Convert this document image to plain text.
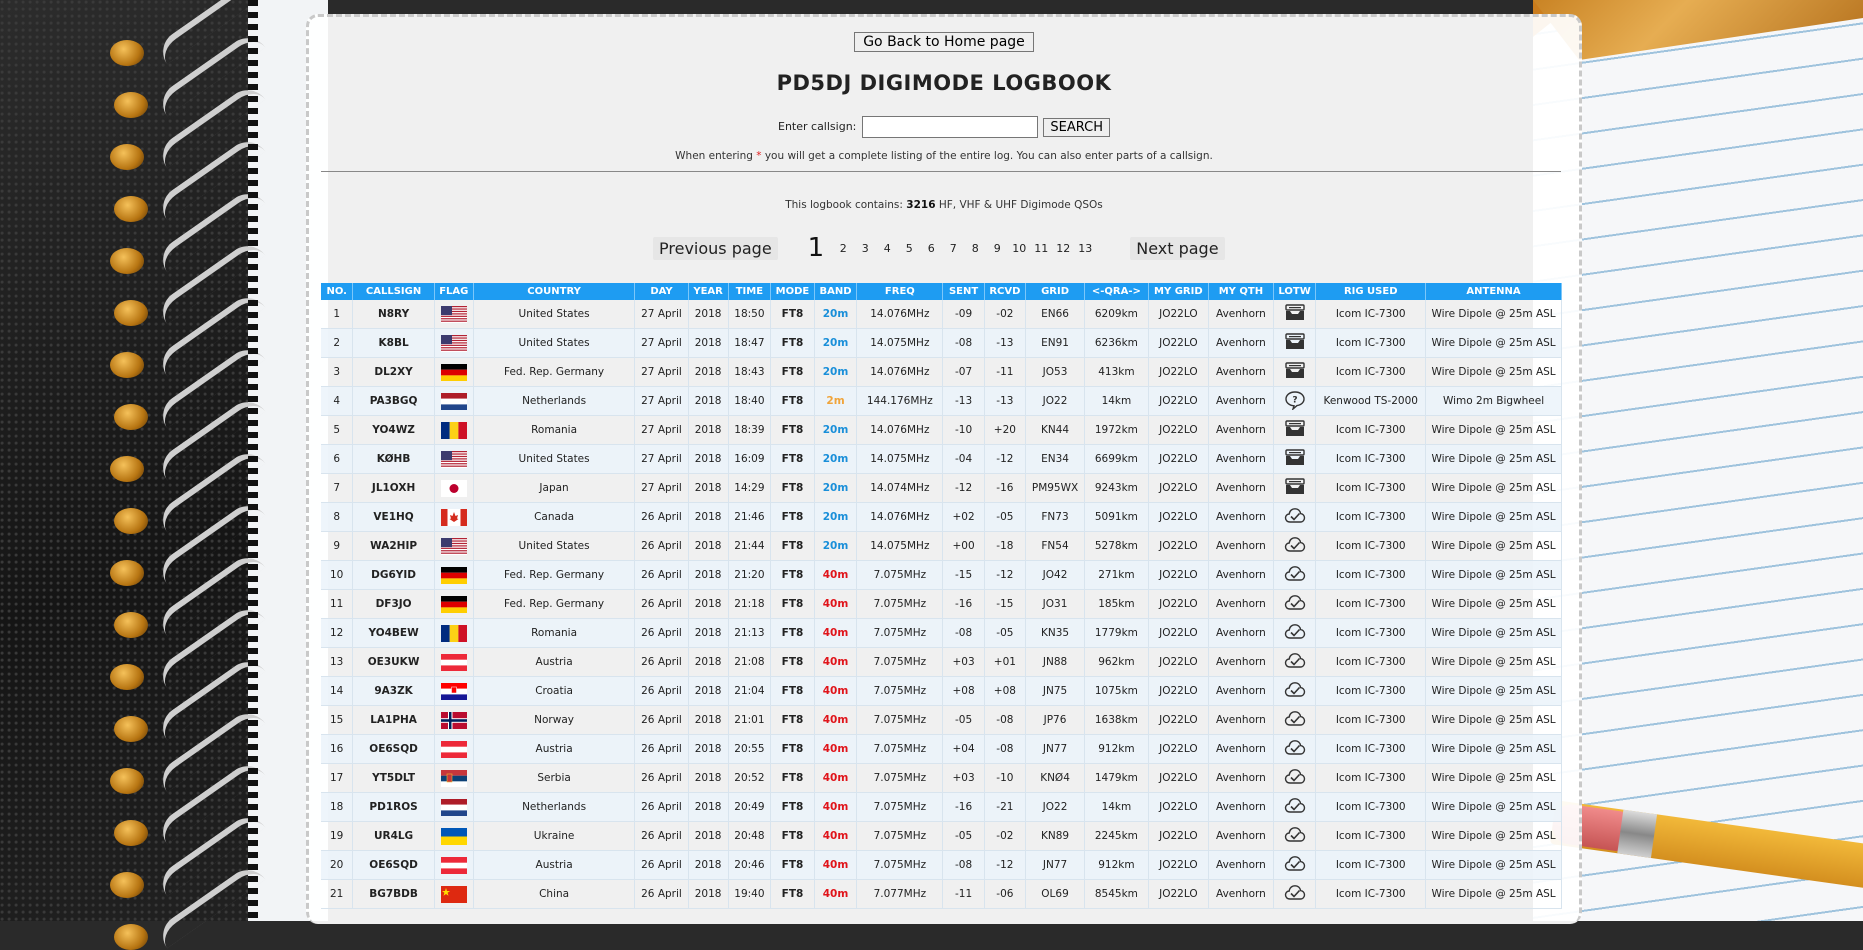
Go Back to Home page
PD5DJ DIGIMODE LOGBOOK
Enter callsign:	SEARCH
When entering * you will get a complete listing of the entire log. You can also enter parts of a callsign.
This logbook contains: 3216 HF, VHF & UHF Digimode QSOs
Previous page 1	2	3	4	5	6	7	8	9	10 11 12 13	Next page
NO.	CALLSIGN	FLAG	COUNTRY	DAY	YEAR	TIME	MODE	BAND	FREQ	SENT	RCVD	GRID	<-QRA->	MY GRID	MY QTH	LOTW	RIG USED	ANTENNA
1	N8RY		United States	27 April	2018	18:50	FT8	20m	14.076MHz	-09	-02	EN66	6209km	JO22LO	Avenhorn		Icom IC-7300	Wire Dipole @ 25m ASL
2	K8BL		United States	27 April	2018	18:47	FT8	20m	14.075MHz	-08	-13	EN91	6236km	JO22LO	Avenhorn		Icom IC-7300	Wire Dipole @ 25m ASL
3	DL2XY		Fed. Rep. Germany	27 April	2018	18:43	FT8	20m	14.076MHz	-07	-11	JO53	413km	JO22LO	Avenhorn		Icom IC-7300	Wire Dipole @ 25m ASL
4	PA3BGQ		Netherlands	27 April	2018	18:40	FT8	2m	144.176MHz	-13	-13	JO22	14km	JO22LO	Avenhorn	?	Kenwood TS-2000	Wimo 2m Bigwheel
5	YO4WZ		Romania	27 April	2018	18:39	FT8	20m	14.076MHz	-10	+20	KN44	1972km	JO22LO	Avenhorn		Icom IC-7300	Wire Dipole @ 25m ASL
6	KØHB		United States	27 April	2018	16:09	FT8	20m	14.075MHz	-04	-12	EN34	6699km	JO22LO	Avenhorn		Icom IC-7300	Wire Dipole @ 25m ASL
7	JL1OXH		Japan	27 April	2018	14:29	FT8	20m	14.074MHz	-12	-16	PM95WX	9243km	JO22LO	Avenhorn		Icom IC-7300	Wire Dipole @ 25m ASL
8	VE1HQ		Canada	26 April	2018	21:46	FT8	20m	14.076MHz	+02	-05	FN73	5091km	JO22LO	Avenhorn		Icom IC-7300	Wire Dipole @ 25m ASL
9	WA2HIP		United States	26 April	2018	21:44	FT8	20m	14.075MHz	+00	-18	FN54	5278km	JO22LO	Avenhorn		Icom IC-7300	Wire Dipole @ 25m ASL
10	DG6YID		Fed. Rep. Germany	26 April	2018	21:20	FT8	40m	7.075MHz	-15	-12	JO42	271km	JO22LO	Avenhorn		Icom IC-7300	Wire Dipole @ 25m ASL
11	DF3JO		Fed. Rep. Germany	26 April	2018	21:18	FT8	40m	7.075MHz	-16	-15	JO31	185km	JO22LO	Avenhorn		Icom IC-7300	Wire Dipole @ 25m ASL
12	YO4BEW		Romania	26 April	2018	21:13	FT8	40m	7.075MHz	-08	-05	KN35	1779km	JO22LO	Avenhorn		Icom IC-7300	Wire Dipole @ 25m ASL
13	OE3UKW		Austria	26 April	2018	21:08	FT8	40m	7.075MHz	+03	+01	JN88	962km	JO22LO	Avenhorn		Icom IC-7300	Wire Dipole @ 25m ASL
14	9A3ZK		Croatia	26 April	2018	21:04	FT8	40m	7.075MHz	+08	+08	JN75	1075km	JO22LO	Avenhorn		Icom IC-7300	Wire Dipole @ 25m ASL
15	LA1PHA		Norway	26 April	2018	21:01	FT8	40m	7.075MHz	-05	-08	JP76	1638km	JO22LO	Avenhorn		Icom IC-7300	Wire Dipole @ 25m ASL
16	OE6SQD		Austria	26 April	2018	20:55	FT8	40m	7.075MHz	+04	-08	JN77	912km	JO22LO	Avenhorn		Icom IC-7300	Wire Dipole @ 25m ASL
17	YT5DLT		Serbia	26 April	2018	20:52	FT8	40m	7.075MHz	+03	-10	KNØ4	1479km	JO22LO	Avenhorn		Icom IC-7300	Wire Dipole @ 25m ASL
18	PD1ROS		Netherlands	26 April	2018	20:49	FT8	40m	7.075MHz	-16	-21	JO22	14km	JO22LO	Avenhorn		Icom IC-7300	Wire Dipole @ 25m ASL
19	UR4LG		Ukraine	26 April	2018	20:48	FT8	40m	7.075MHz	-05	-02	KN89	2245km	JO22LO	Avenhorn		Icom IC-7300	Wire Dipole @ 25m ASL
20	OE6SQD		Austria	26 April	2018	20:46	FT8	40m	7.075MHz	-08	-12	JN77	912km	JO22LO	Avenhorn		Icom IC-7300	Wire Dipole @ 25m ASL
21	BG7BDB		China	26 April	2018	19:40	FT8	40m	7.077MHz	-11	-06	OL69	8545km	JO22LO	Avenhorn		Icom IC-7300	Wire Dipole @ 25m ASL
